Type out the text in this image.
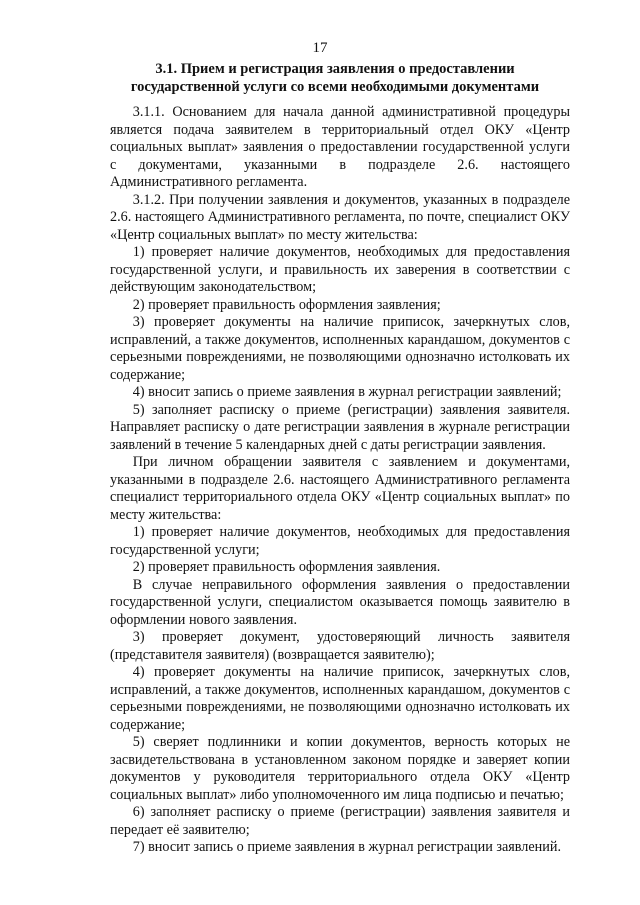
17
3.1. Прием и регистрация заявления о предоставлении государственной услуги со всеми необходимыми документами

3.1.1. Основанием для начала данной административной процедуры является подача заявителем в территориальный отдел ОКУ «Центр социальных выплат» заявления о предоставлении государственной услуги с документами, указанными в подразделе 2.6. настоящего Административного регламента.

3.1.2. При получении заявления и документов, указанных в подразделе 2.6. настоящего Административного регламента, по почте, специалист ОКУ «Центр социальных выплат» по месту жительства:

1) проверяет наличие документов, необходимых для предоставления государственной услуги, и правильность их заверения в соответствии с действующим законодательством;

2) проверяет правильность оформления заявления;

3) проверяет документы на наличие приписок, зачеркнутых слов, исправлений, а также документов, исполненных карандашом, документов с серьезными повреждениями, не позволяющими однозначно истолковать их содержание;

4) вносит запись о приеме заявления в журнал регистрации заявлений;

5) заполняет расписку о приеме (регистрации) заявления заявителя. Направляет расписку о дате регистрации заявления в журнале регистрации заявлений в течение 5 календарных дней с даты регистрации заявления.

При личном обращении заявителя с заявлением и документами, указанными в подразделе 2.6. настоящего Административного регламента специалист территориального отдела ОКУ «Центр социальных выплат» по месту жительства:

1) проверяет наличие документов, необходимых для предоставления государственной услуги;

2) проверяет правильность оформления заявления.

В случае неправильного оформления заявления о предоставлении государственной услуги, специалистом оказывается помощь заявителю в оформлении нового заявления.

3) проверяет документ, удостоверяющий личность заявителя (представителя заявителя) (возвращается заявителю);

4) проверяет документы на наличие приписок, зачеркнутых слов, исправлений, а также документов, исполненных карандашом, документов с серьезными повреждениями, не позволяющими однозначно истолковать их содержание;

5) сверяет подлинники и копии документов, верность которых не засвидетельствована в установленном законом порядке и заверяет копии документов у руководителя территориального отдела ОКУ «Центр социальных выплат» либо уполномоченного им лица подписью и печатью;

6) заполняет расписку о приеме (регистрации) заявления заявителя и передает её заявителю;

7) вносит запись о приеме заявления в журнал регистрации заявлений.
